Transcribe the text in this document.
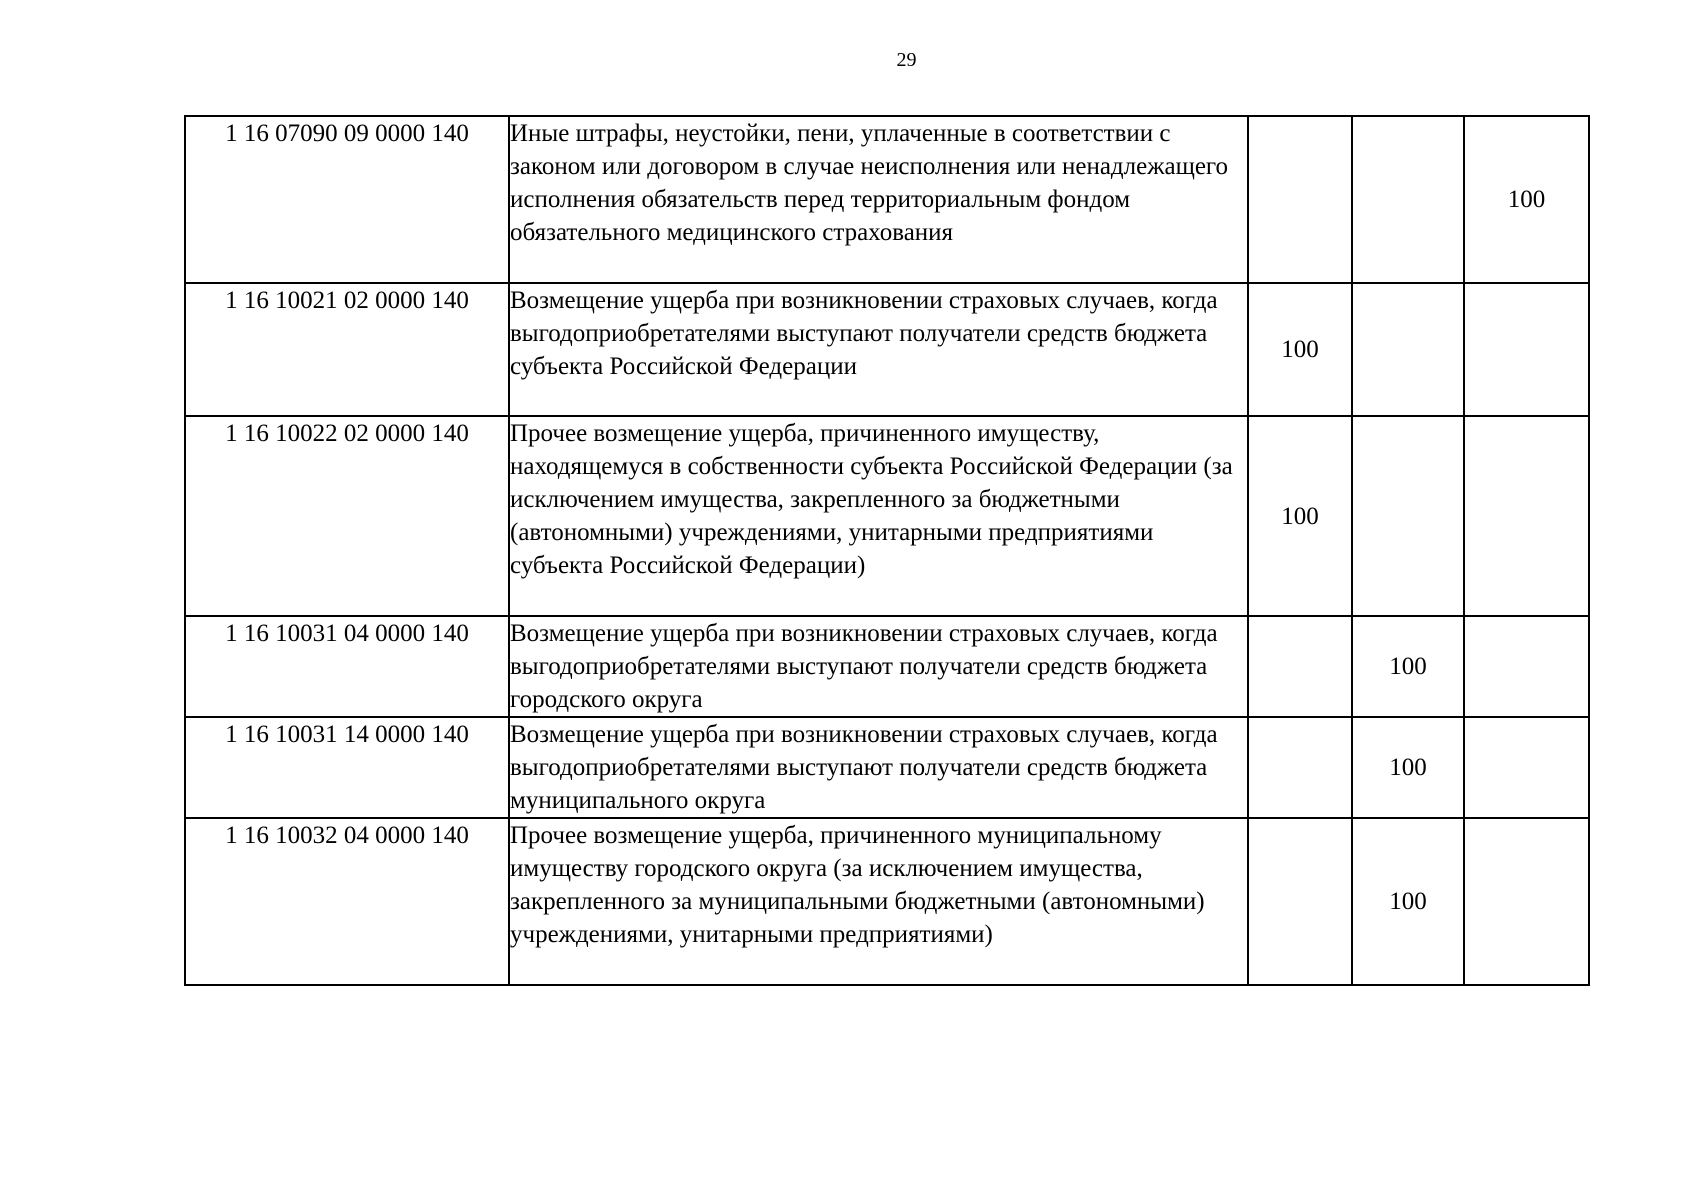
29
1 16 07090 09 0000 140	Иные штрафы, неустойки, пени, уплаченные в соответствии с законом или договором в случае неисполнения или ненадлежащего исполнения обязательств перед территориальным фондом обязательного медицинского страхования			100
1 16 10021 02 0000 140	Возмещение ущерба при возникновении страховых случаев, когда выгодоприобретателями выступают получатели средств бюджета субъекта Российской Федерации	100		
1 16 10022 02 0000 140	Прочее возмещение ущерба, причиненного имуществу, находящемуся в собственности субъекта Российской Федерации (за исключением имущества, закрепленного за бюджетными (автономными) учреждениями, унитарными предприятиями субъекта Российской Федерации)	100		
1 16 10031 04 0000 140	Возмещение ущерба при возникновении страховых случаев, когда выгодоприобретателями выступают получатели средств бюджета городского округа		100	
1 16 10031 14 0000 140	Возмещение ущерба при возникновении страховых случаев, когда выгодоприобретателями выступают получатели средств бюджета муниципального округа		100	
1 16 10032 04 0000 140	Прочее возмещение ущерба, причиненного муниципальному имуществу городского округа (за исключением имущества, закрепленного за муниципальными бюджетными (автономными) учреждениями, унитарными предприятиями)		100	
